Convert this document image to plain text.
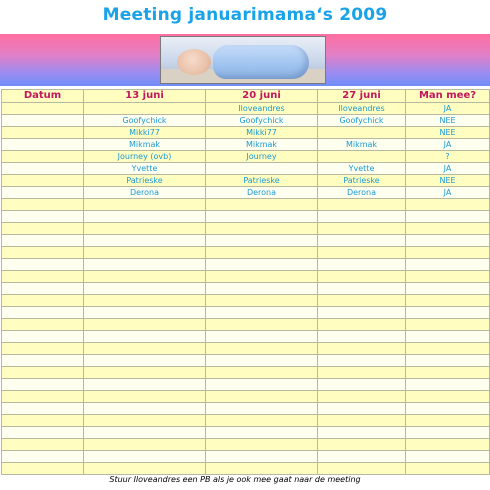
Meeting januarimama‘s 2009
Datum	13 juni	20 juni	27 juni	Man mee?
		Iloveandres	Iloveandres	JA
	Goofychick	Goofychick	Goofychick	NEE
	Mikki77	Mikki77		NEE
	Mikmak	Mikmak	Mikmak	JA
	Journey (ovb)	Journey		?
	Yvette		Yvette	JA
	Patrieske	Patrieske	Patrieske	NEE
	Derona	Derona	Derona	JA

Stuur Iloveandres een PB als je ook mee gaat naar de meeting
